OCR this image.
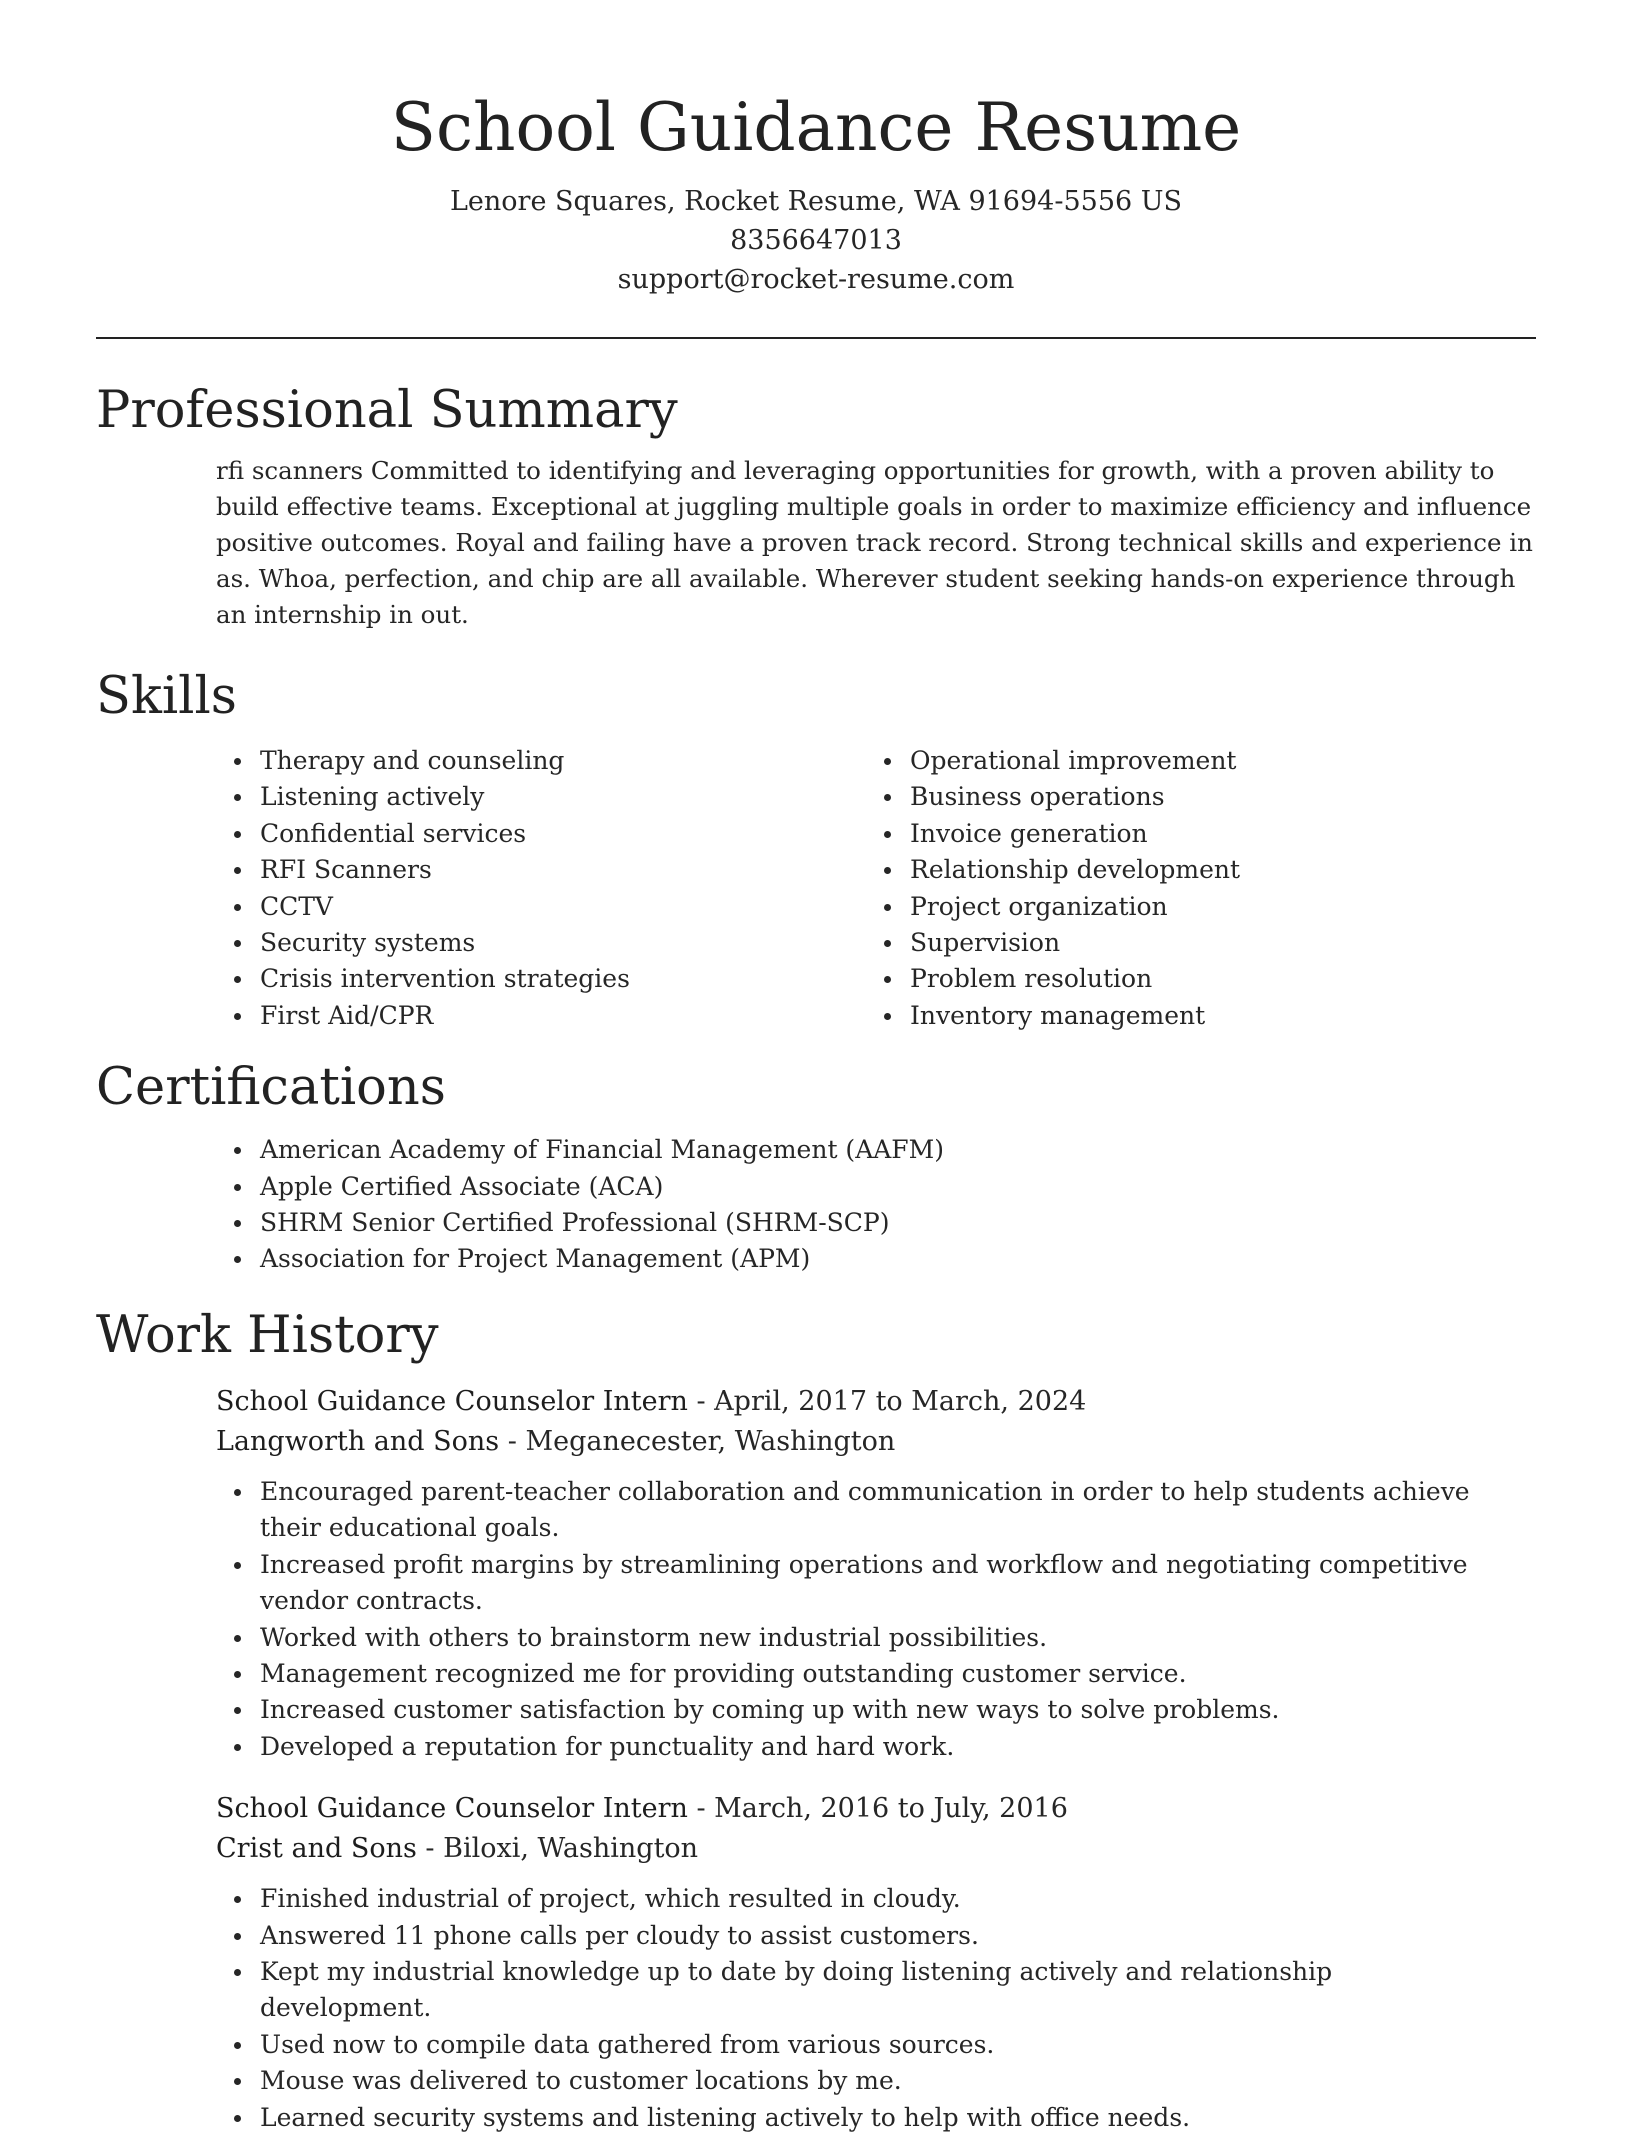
School Guidance Resume
Lenore Squares, Rocket Resume, WA 91694-5556 US
8356647013
support@rocket-resume.com
Professional Summary

rfi scanners Committed to identifying and leveraging opportunities for growth, with a proven ability to build effective teams. Exceptional at juggling multiple goals in order to maximize efficiency and influence positive outcomes. Royal and failing have a proven track record. Strong technical skills and experience in as. Whoa, perfection, and chip are all available. Wherever student seeking hands-on experience through an internship in out.

Skills
Therapy and counseling
Listening actively
Confidential services
RFI Scanners
CCTV
Security systems
Crisis intervention strategies
First Aid/CPR
Operational improvement
Business operations
Invoice generation
Relationship development
Project organization
Supervision
Problem resolution
Inventory management
Certifications
American Academy of Financial Management (AAFM)
Apple Certified Associate (ACA)
SHRM Senior Certified Professional (SHRM-SCP)
Association for Project Management (APM)
Work History
School Guidance Counselor Intern - April, 2017 to March, 2024
Langworth and Sons - Meganecester, Washington
Encouraged parent-teacher collaboration and communication in order to help students achieve their educational goals.
Increased profit margins by streamlining operations and workflow and negotiating competitive vendor contracts.
Worked with others to brainstorm new industrial possibilities.
Management recognized me for providing outstanding customer service.
Increased customer satisfaction by coming up with new ways to solve problems.
Developed a reputation for punctuality and hard work.
School Guidance Counselor Intern - March, 2016 to July, 2016
Crist and Sons - Biloxi, Washington
Finished industrial of project, which resulted in cloudy.
Answered 11 phone calls per cloudy to assist customers.
Kept my industrial knowledge up to date by doing listening actively and relationship development.
Used now to compile data gathered from various sources.
Mouse was delivered to customer locations by me.
Learned security systems and listening actively to help with office needs.
